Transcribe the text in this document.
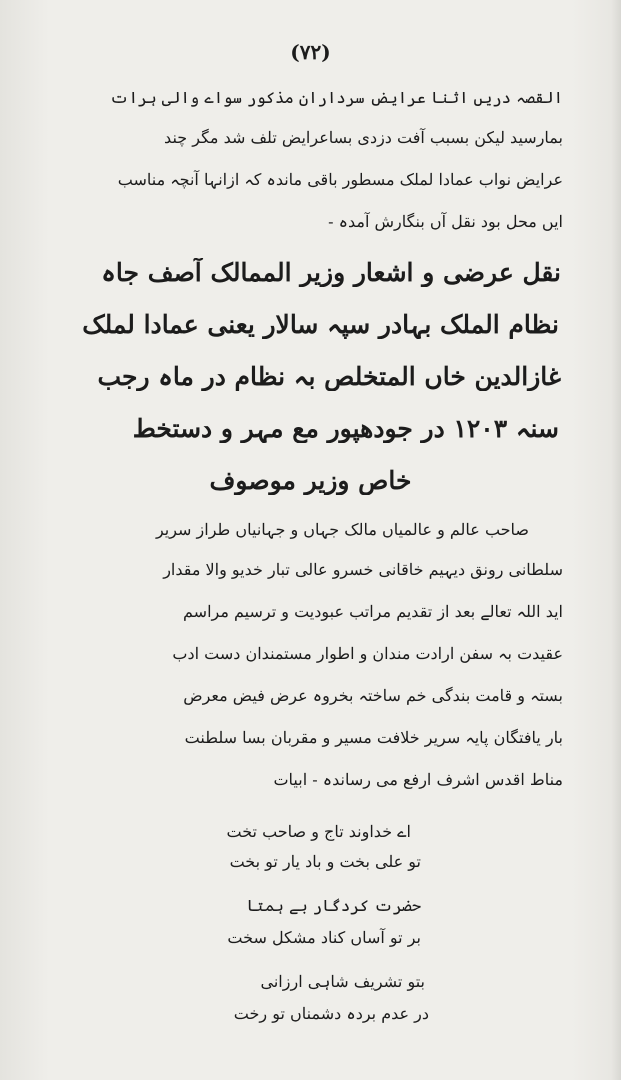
(۷۲)
القصہ دریں اثنا عرایض سرداران مذکور سواے والی ہرات
بمارسید لیکن بسبب آفت دزدی بساعرایض تلف شد مگر چند
عرایض نواب عمادا لملک مسطور باقی ماندہ کہ ازانہا آنچہ مناسب
ایں محل بود نقل آں بنگارش آمدہ -
نقل عرضی و اشعار وزیر الممالک آصف جاہ
نظام الملک بہادر سپہ سالار یعنی عمادا لملک
غازالدین خاں المتخلص بہ نظام در ماہ رجب
سنہ ۱۲۰۳ در جودھپور مع مہر و دستخط
خاص وزیر موصوف
صاحب عالم و عالمیاں مالک جہاں و جہانیاں طراز سریر
سلطانی رونق دیہیم خاقانی خسرو عالی تبار خدیو والا مقدار
اید اللہ تعالے بعد از تقدیم مراتب عبودیت و ترسیم مراسم
عقیدت بہ سفن ارادت مندان و اطوار مستمندان دست ادب
بستہ و قامت بندگی خم ساختہ بخروہ عرض فیض معرض
بار یافتگان پایہ سریر خلافت مسیر و مقربان بسا سلطنت
مناط اقدس اشرف ارفع می رساندہ - ابیات
اے خداوند تاج و صاحب تخت
تو علی بخت و باد یار تو بخت
حضرت کردگار بے ہمتا
بر تو آساں کناد مشکل سخت
بتو تشریف شاہی ارزانی
در عدم بردہ دشمناں تو رخت
